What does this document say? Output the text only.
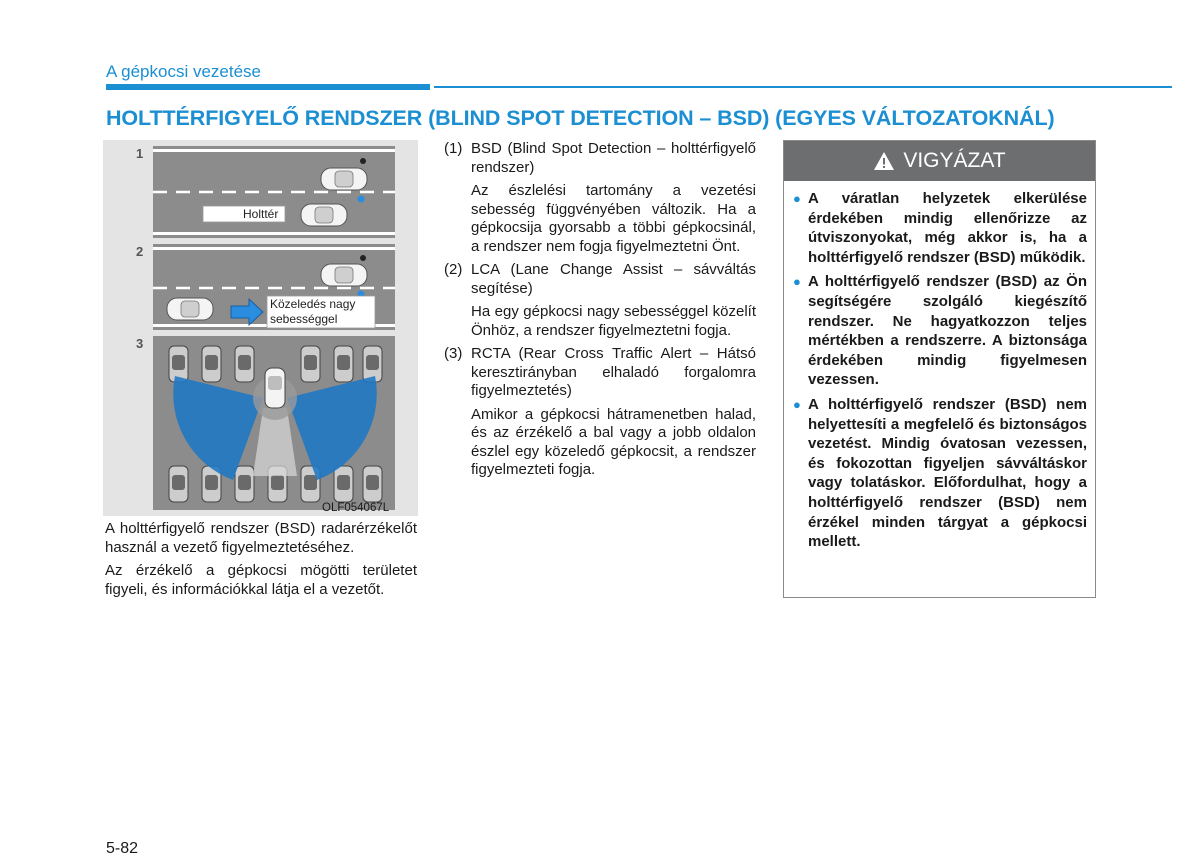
A gépkocsi vezetése
HOLTTÉRFIGYELŐ RENDSZER (BLIND SPOT DETECTION – BSD) (EGYES VÁLTOZATOKNÁL)
1
2
3
Holttér
Közeledés nagy
sebességgel
OLF054067L

A holttérfigyelő rendszer (BSD) radarérzékelőt használ a vezető figyelmeztetéséhez.

Az érzékelő a gépkocsi mögötti területet figyeli, és információkkal látja el a vezetőt.

(1) BSD (Blind Spot Detection – holttérfigyelő rendszer)

Az észlelési tartomány a vezetési sebesség függvényében változik. Ha a gépkocsija gyorsabb a többi gépkocsinál, a rendszer nem fogja figyelmeztetni Önt.

(2) LCA (Lane Change Assist – sávváltás segítése)

Ha egy gépkocsi nagy sebességgel közelít Önhöz, a rendszer figyelmeztetni fogja.

(3) RCTA (Rear Cross Traffic Alert – Hátsó keresztirányban elhaladó forgalomra figyelmeztetés)

Amikor a gépkocsi hátramenetben halad, és az érzékelő a bal vagy a jobb oldalon észlel egy közeledő gépkocsit, a rendszer figyelmezteti fogja.

VIGYÁZAT
● A váratlan helyzetek elkerülése érdekében mindig ellenőrizze az útviszonyokat, még akkor is, ha a holttérfigyelő rendszer (BSD) működik.
● A holttérfigyelő rendszer (BSD) az Ön segítségére szolgáló kiegészítő rendszer. Ne hagyatkozzon teljes mértékben a rendszerre. A biztonsága érdekében mindig figyelmesen vezessen.
● A holttérfigyelő rendszer (BSD) nem helyettesíti a megfelelő és biztonságos vezetést. Mindig óvatosan vezessen, és fokozottan figyeljen sávváltáskor vagy tolatáskor. Előfordulhat, hogy a holttérfigyelő rendszer (BSD) nem érzékel minden tárgyat a gépkocsi mellett.
5-82
